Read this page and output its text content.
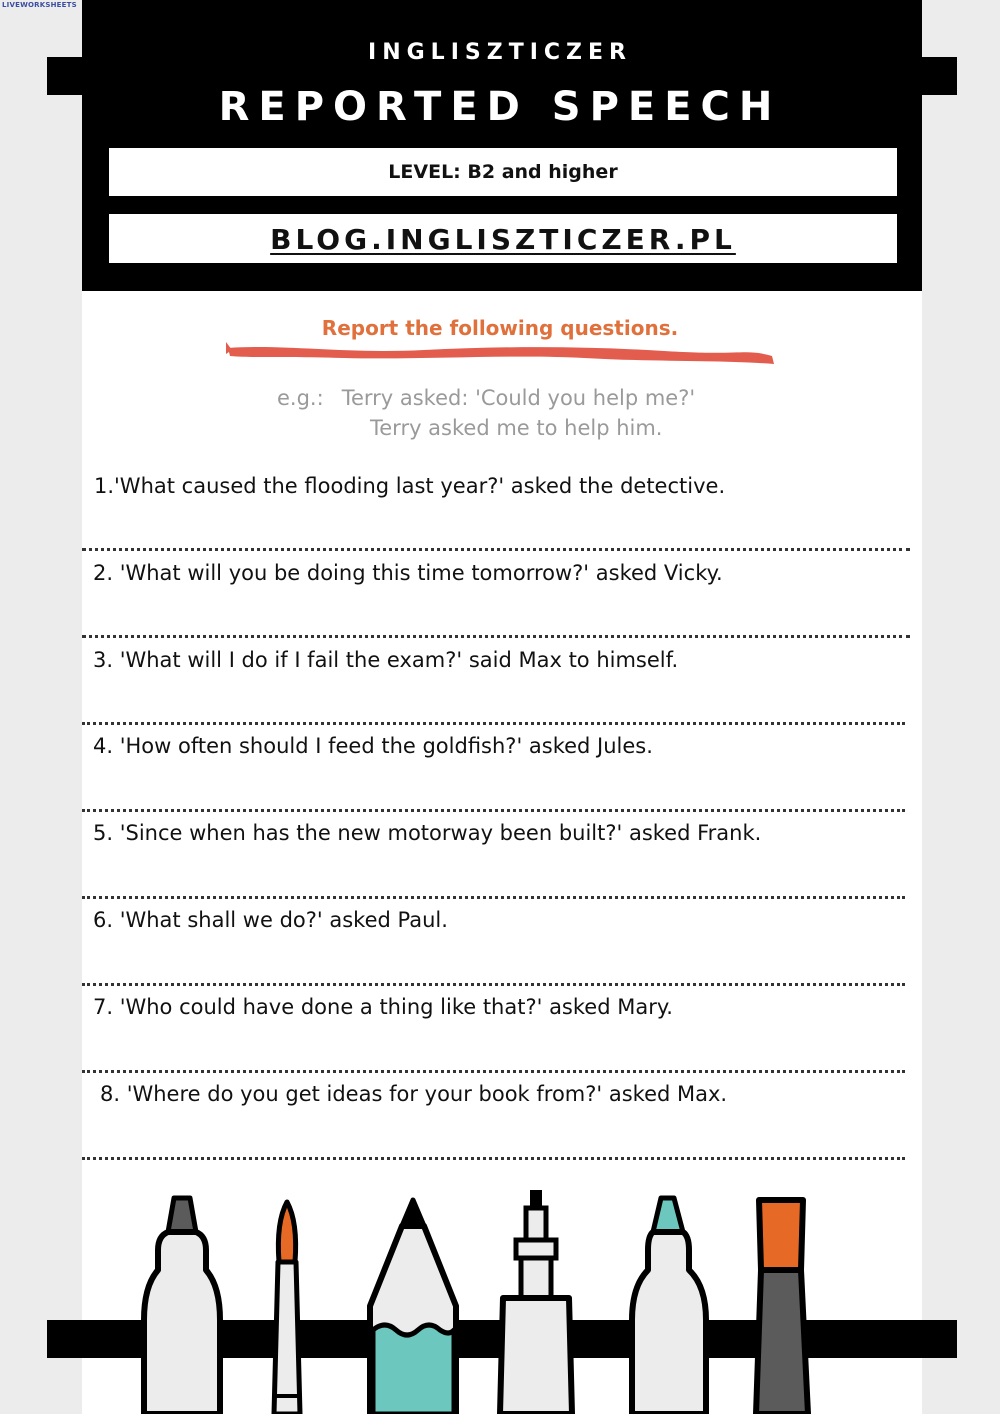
LIVEWORKSHEETS
INGLISZTICZER
REPORTED SPEECH
LEVEL: B2 and higher
BLOG.INGLISZTICZER.PL
Report the following questions.
e.g.: Terry asked: 'Could you help me?'
Terry asked me to help him.
1.'What caused the flooding last year?' asked the detective.
2. 'What will you be doing this time tomorrow?' asked Vicky.
3. 'What will I do if I fail the exam?' said Max to himself.
4. 'How often should I feed the goldfish?' asked Jules.
5. 'Since when has the new motorway been built?' asked Frank.
6. 'What shall we do?' asked Paul.
7. 'Who could have done a thing like that?' asked Mary.
8. 'Where do you get ideas for your book from?' asked Max.
